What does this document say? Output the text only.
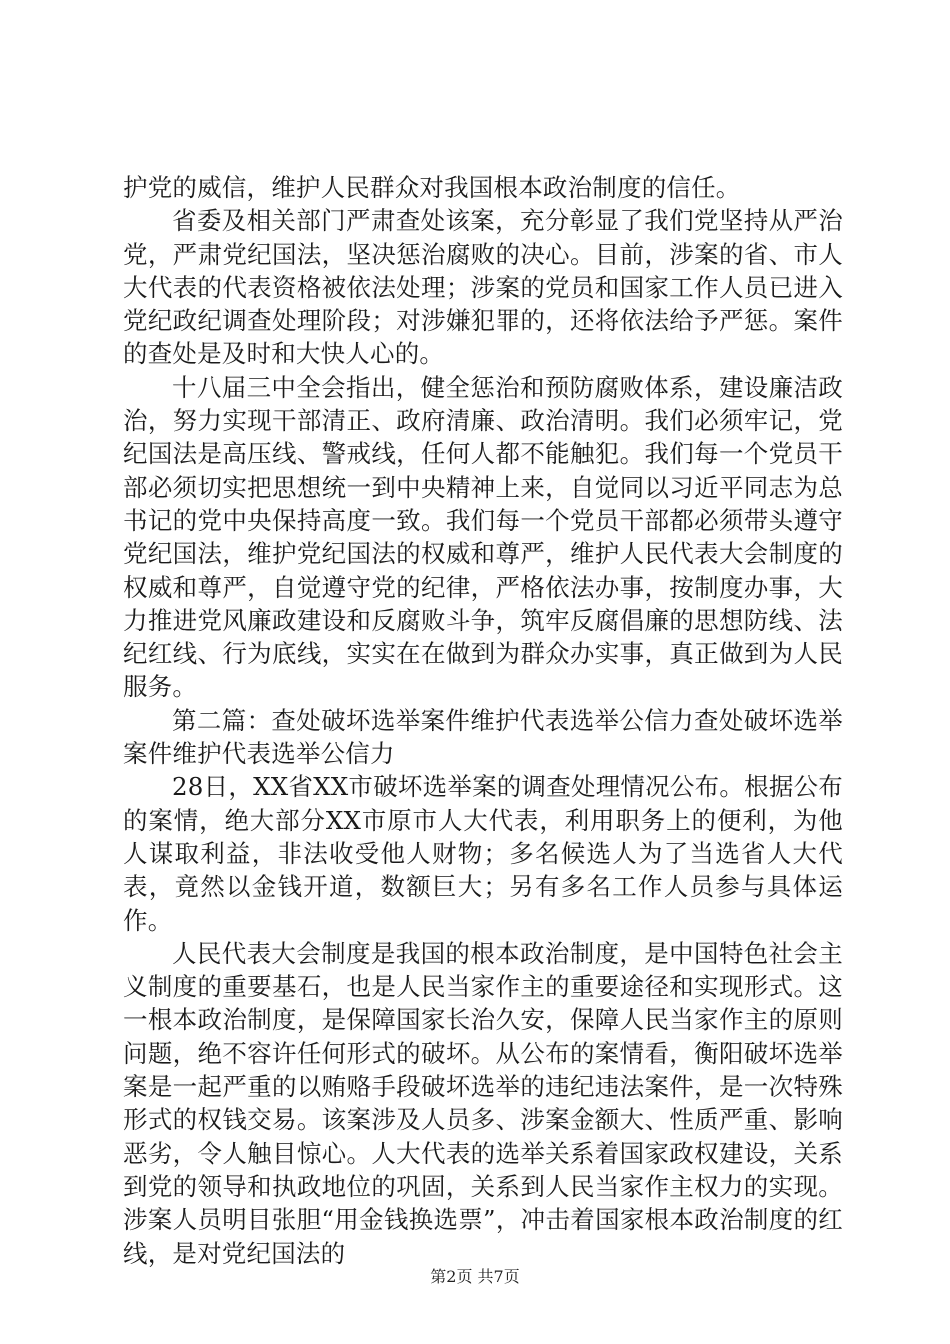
护党的威信，维护人民群众对我国根本政治制度的信任。

省委及相关部门严肃查处该案，充分彰显了我们党坚持从严治党，严肃党纪国法，坚决惩治腐败的决心。目前，涉案的省、市人大代表的代表资格被依法处理；涉案的党员和国家工作人员已进入党纪政纪调查处理阶段；对涉嫌犯罪的，还将依法给予严惩。案件的查处是及时和大快人心的。

十八届三中全会指出，健全惩治和预防腐败体系，建设廉洁政治，努力实现干部清正、政府清廉、政治清明。我们必须牢记，党纪国法是高压线、警戒线，任何人都不能触犯。我们每一个党员干部必须切实把思想统一到中央精神上来，自觉同以习近平同志为总书记的党中央保持高度一致。我们每一个党员干部都必须带头遵守党纪国法，维护党纪国法的权威和尊严，维护人民代表大会制度的权威和尊严，自觉遵守党的纪律，严格依法办事，按制度办事，大力推进党风廉政建设和反腐败斗争，筑牢反腐倡廉的思想防线、法纪红线、行为底线，实实在在做到为群众办实事，真正做到为人民服务。

第二篇：查处破坏选举案件维护代表选举公信力查处破坏选举案件维护代表选举公信力

28日，XX省XX市破坏选举案的调查处理情况公布。根据公布的案情，绝大部分XX市原市人大代表，利用职务上的便利，为他人谋取利益，非法收受他人财物；多名候选人为了当选省人大代表，竟然以金钱开道，数额巨大；另有多名工作人员参与具体运作。

人民代表大会制度是我国的根本政治制度，是中国特色社会主义制度的重要基石，也是人民当家作主的重要途径和实现形式。这一根本政治制度，是保障国家长治久安，保障人民当家作主的原则问题，绝不容许任何形式的破坏。从公布的案情看，衡阳破坏选举案是一起严重的以贿赂手段破坏选举的违纪违法案件，是一次特殊形式的权钱交易。该案涉及人员多、涉案金额大、性质严重、影响恶劣，令人触目惊心。人大代表的选举关系着国家政权建设，关系到党的领导和执政地位的巩固，关系到人民当家作主权力的实现。涉案人员明目张胆“用金钱换选票”，冲击着国家根本政治制度的红线，是对党纪国法的

第2页 共7页
